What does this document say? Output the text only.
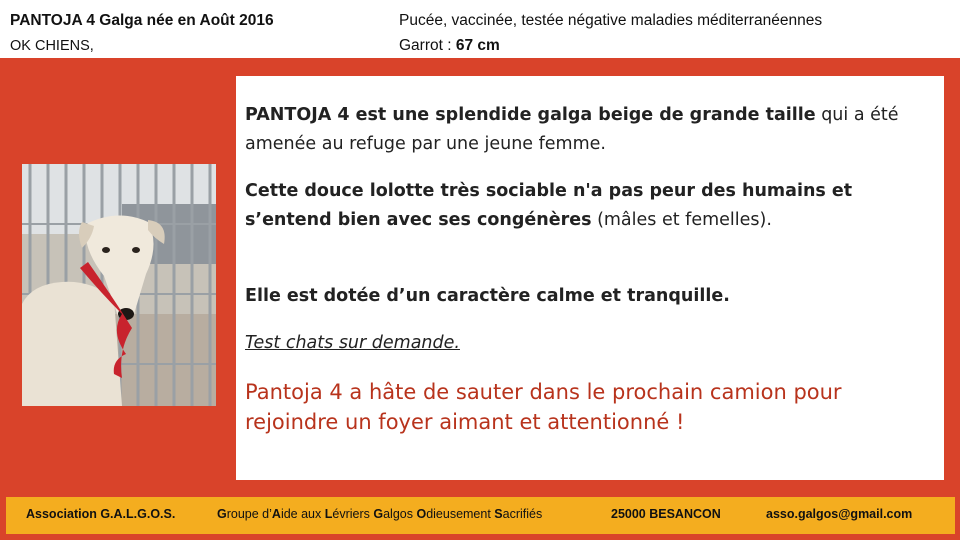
PANTOJA 4 Galga née en Août 2016
OK CHIENS,
Pucée, vaccinée, testée négative maladies méditerranéennes
Garrot : 67 cm
PANTOJA 4 est une splendide galga beige de grande taille qui a été amenée au refuge par une jeune femme.
Cette douce lolotte très sociable n'a pas peur des humains et s’entend bien avec ses congénères (mâles et femelles).
Elle est dotée d’un caractère calme et tranquille.
Test chats sur demande.
Pantoja 4 a hâte de sauter dans le prochain camion pour rejoindre un foyer aimant et attentionné !
Association G.A.L.G.O.S.	Groupe d’Aide aux Lévriers Galgos Odieusement Sacrifiés	25000 BESANCON	asso.galgos@gmail.com
